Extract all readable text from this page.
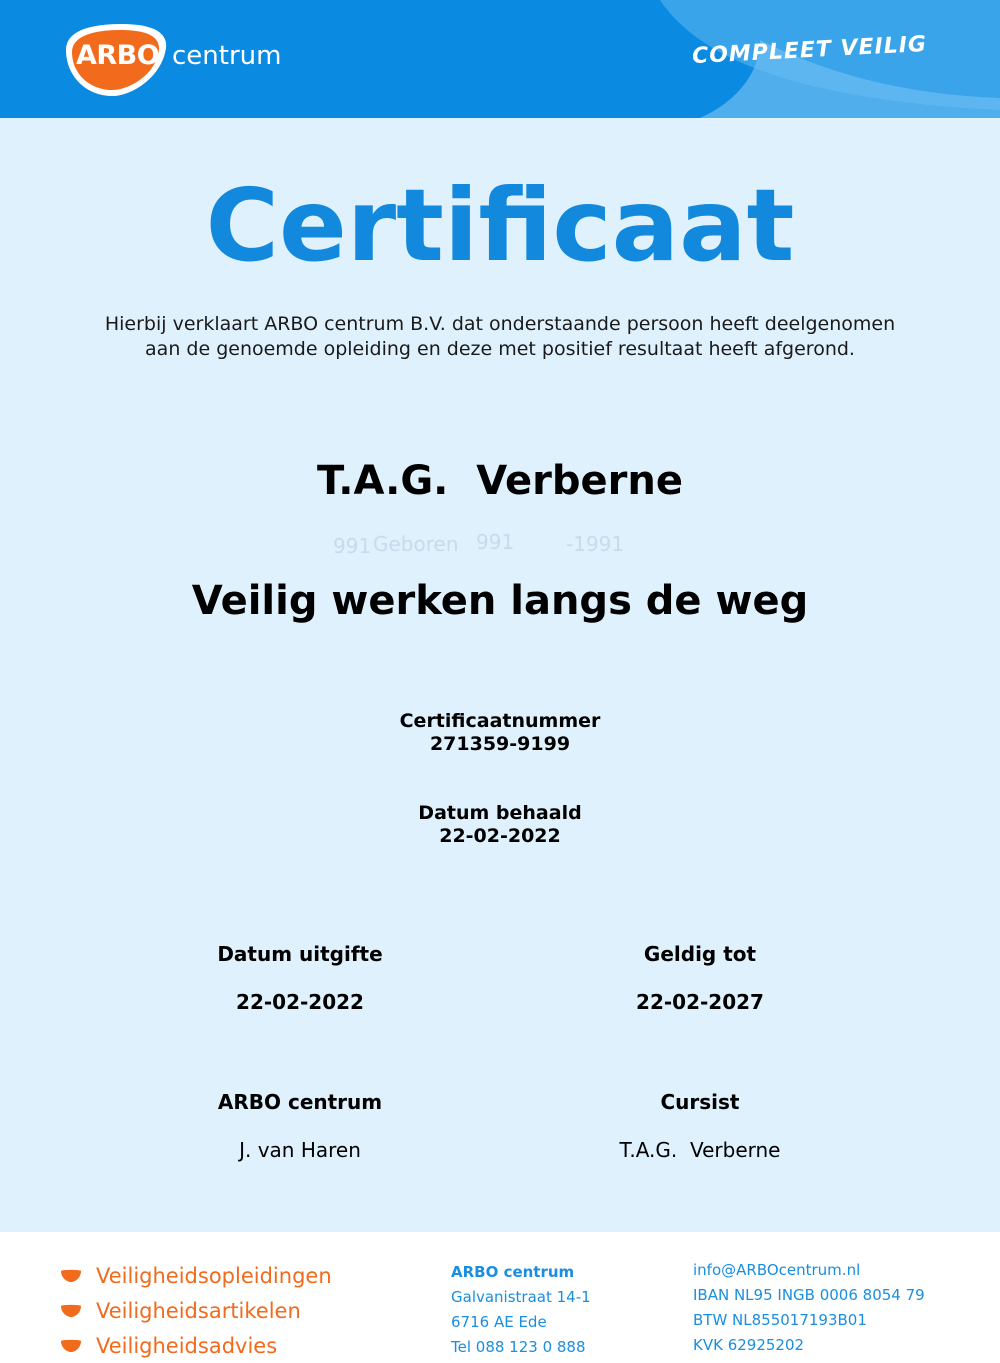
ARBO centrum	COMPLEET VEILIG
Certificaat
Hierbij verklaart ARBO centrum B.V. dat onderstaande persoon heeft deelgenomen aan de genoemde opleiding en deze met positief resultaat heeft afgerond.
T.A.G.  Verberne
991 Geboren 991	-1991
Veilig werken langs de weg
Certificaatnummer
271359-9199
Datum behaald
22-02-2022
Datum uitgifte
22-02-2022
Geldig tot
22-02-2027
ARBO centrum
J. van Haren
Cursist
T.A.G.  Verberne
Veiligheidsopleidingen
Veiligheidsartikelen
Veiligheidsadvies
ARBO centrum
Galvanistraat 14-1
6716 AE Ede
Tel 088 123 0 888
info@ARBOcentrum.nl
IBAN NL95 INGB 0006 8054 79
BTW NL855017193B01
KVK 62925202
